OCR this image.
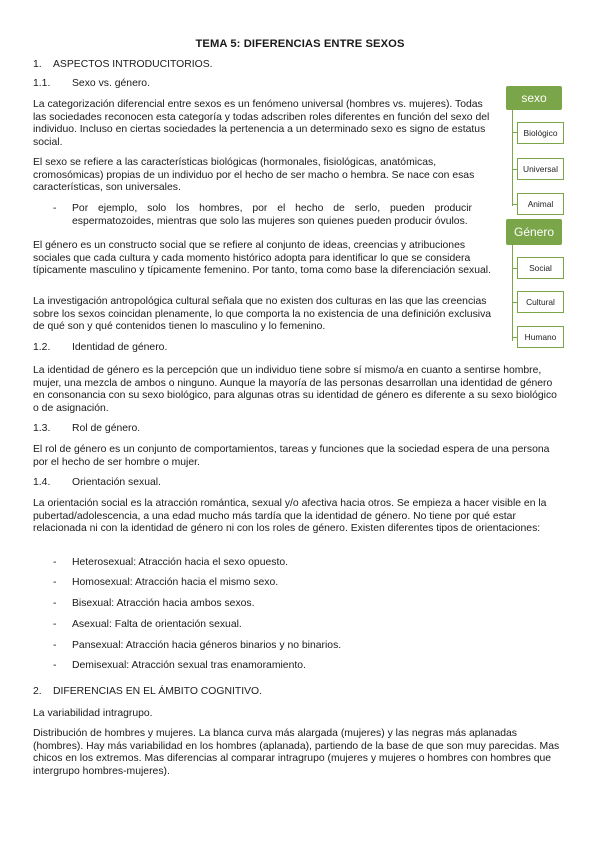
TEMA 5: DIFERENCIAS ENTRE SEXOS
1. ASPECTOS INTRODUCITORIOS.
1.1. Sexo vs. género.
La categorización diferencial entre sexos es un fenómeno universal (hombres vs. mujeres). Todas las sociedades reconocen esta categoría y todas adscriben roles diferentes en función del sexo del individuo. Incluso en ciertas sociedades la pertenencia a un determinado sexo es signo de estatus social.
El sexo se refiere a las características biológicas (hormonales, fisiológicas, anatómicas, cromosómicas) propias de un individuo por el hecho de ser macho o hembra. Se nace con esas características, son universales.
- Por ejemplo, solo los hombres, por el hecho de serlo, pueden producir espermatozoides, mientras que solo las mujeres son quienes pueden producir óvulos.
El género es un constructo social que se refiere al conjunto de ideas, creencias y atribuciones sociales que cada cultura y cada momento histórico adopta para identificar lo que se considera típicamente masculino y típicamente femenino. Por tanto, toma como base la diferenciación sexual.
La investigación antropológica cultural señala que no existen dos culturas en las que las creencias sobre los sexos coincidan plenamente, lo que comporta la no existencia de una definición exclusiva de qué son y qué contenidos tienen lo masculino y lo femenino.
1.2. Identidad de género.
La identidad de género es la percepción que un individuo tiene sobre sí mismo/a en cuanto a sentirse hombre, mujer, una mezcla de ambos o ninguno. Aunque la mayoría de las personas desarrollan una identidad de género en consonancia con su sexo biológico, para algunas otras su identidad de género es diferente a su sexo biológico o de asignación.
1.3. Rol de género.
El rol de género es un conjunto de comportamientos, tareas y funciones que la sociedad espera de una persona por el hecho de ser hombre o mujer.
1.4. Orientación sexual.
La orientación social es la atracción romántica, sexual y/o afectiva hacia otros. Se empieza a hacer visible en la pubertad/adolescencia, a una edad mucho más tardía que la identidad de género. No tiene por qué estar relacionada ni con la identidad de género ni con los roles de género. Existen diferentes tipos de orientaciones:
- Heterosexual: Atracción hacia el sexo opuesto.
- Homosexual: Atracción hacia el mismo sexo.
- Bisexual: Atracción hacia ambos sexos.
- Asexual: Falta de orientación sexual.
- Pansexual: Atracción hacia géneros binarios y no binarios.
- Demisexual: Atracción sexual tras enamoramiento.
2. DIFERENCIAS EN EL ÁMBITO COGNITIVO.
La variabilidad intragrupo.
Distribución de hombres y mujeres. La blanca curva más alargada (mujeres) y las negras más aplanadas (hombres). Hay más variabilidad en los hombres (aplanada), partiendo de la base de que son muy parecidas. Mas chicos en los extremos. Mas diferencias al comparar intragrupo (mujeres y mujeres o hombres con hombres que intergrupo hombres-mujeres).
sexo
Biológico
Universal
Animal
Género
Social
Cultural
Humano
